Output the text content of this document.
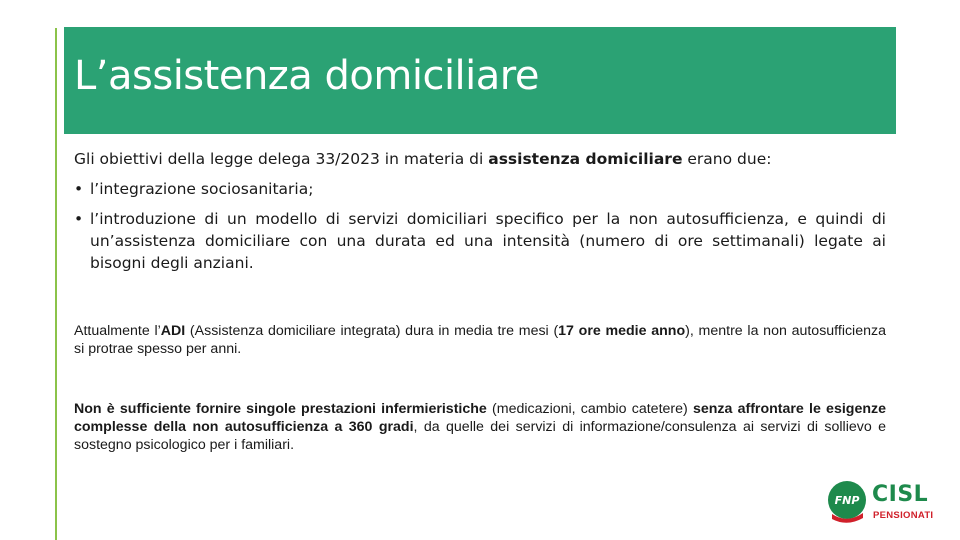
L’assistenza domiciliare

Gli obiettivi della legge delega 33/2023 in materia di assistenza domiciliare erano due:

• l’integrazione sociosanitaria;
• l’introduzione di un modello di servizi domiciliari specifico per la non autosufficienza, e quindi di un’assistenza domiciliare con una durata ed una intensità (numero di ore settimanali) legate ai bisogni degli anziani.

Attualmente l’ADI (Assistenza domiciliare integrata) dura in media tre mesi (17 ore medie anno), mentre la non autosufficienza si protrae spesso per anni.

Non è sufficiente fornire singole prestazioni infermieristiche (medicazioni, cambio catetere) senza affrontare le esigenze complesse della non autosufficienza a 360 gradi, da quelle dei servizi di informazione/consulenza ai servizi di sollievo e sostegno psicologico per i familiari.

FNP CISL
PENSIONATI
